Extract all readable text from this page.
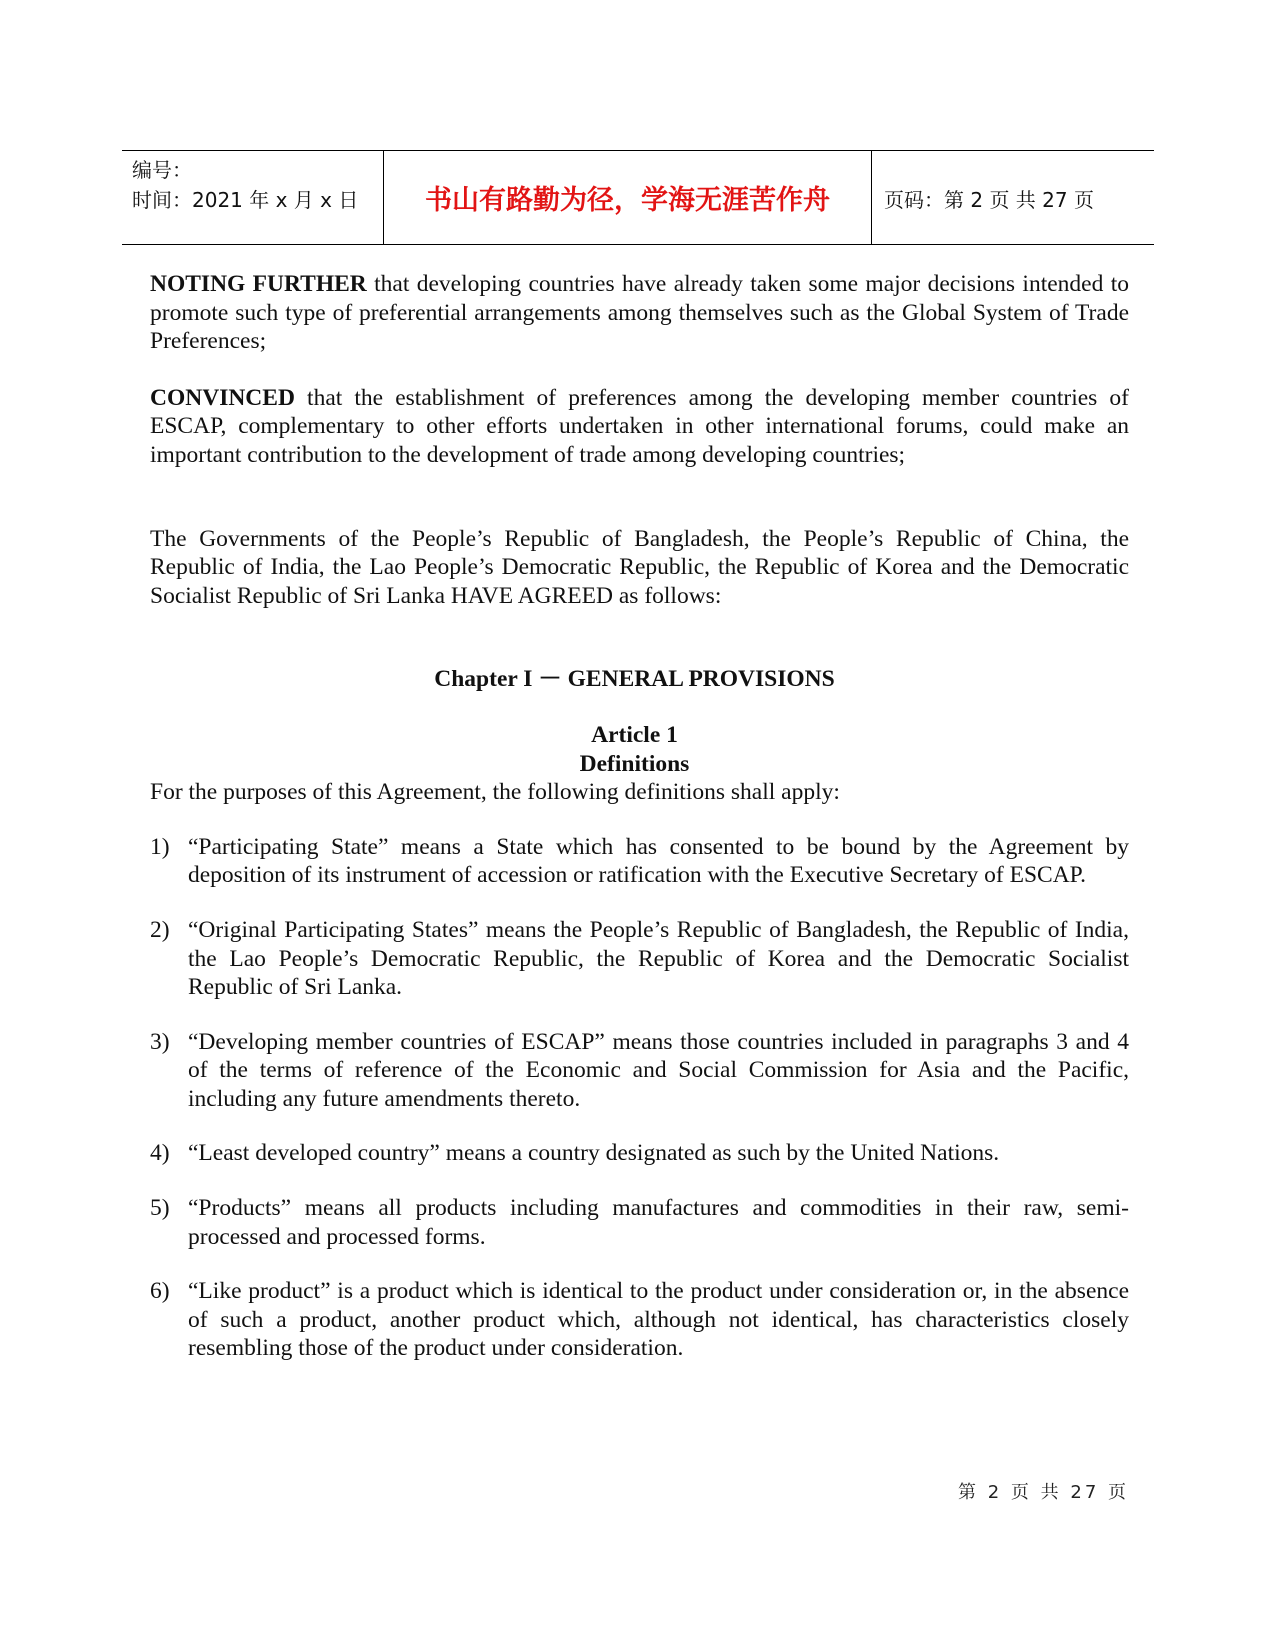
编号：
时间：2021 年 x 月 x 日	书山有路勤为径，学海无涯苦作舟	页码：第 2 页 共 27 页

NOTING FURTHER that developing countries have already taken some major decisions intended to promote such type of preferential arrangements among themselves such as the Global System of Trade Preferences;

CONVINCED that the establishment of preferences among the developing member countries of ESCAP, complementary to other efforts undertaken in other international forums, could make an important contribution to the development of trade among developing countries;

The Governments of the People’s Republic of Bangladesh, the People’s Republic of China, the Republic of India, the Lao People’s Democratic Republic, the Republic of Korea and the Democratic Socialist Republic of Sri Lanka HAVE AGREED as follows:

Chapter I － GENERAL PROVISIONS
Article 1
Definitions

For the purposes of this Agreement, the following definitions shall apply:

1) “Participating State” means a State which has consented to be bound by the Agreement by deposition of its instrument of accession or ratification with the Executive Secretary of ESCAP.
2) “Original Participating States” means the People’s Republic of Bangladesh, the Republic of India, the Lao People’s Democratic Republic, the Republic of Korea and the Democratic Socialist Republic of Sri Lanka.
3) “Developing member countries of ESCAP” means those countries included in paragraphs 3 and 4 of the terms of reference of the Economic and Social Commission for Asia and the Pacific, including any future amendments thereto.
4) “Least developed country” means a country designated as such by the United Nations.
5) “Products” means all products including manufactures and commodities in their raw, semi-processed and processed forms.
6) “Like product” is a product which is identical to the product under consideration or, in the absence of such a product, another product which, although not identical, has characteristics closely resembling those of the product under consideration.
第 2 页 共 27 页
